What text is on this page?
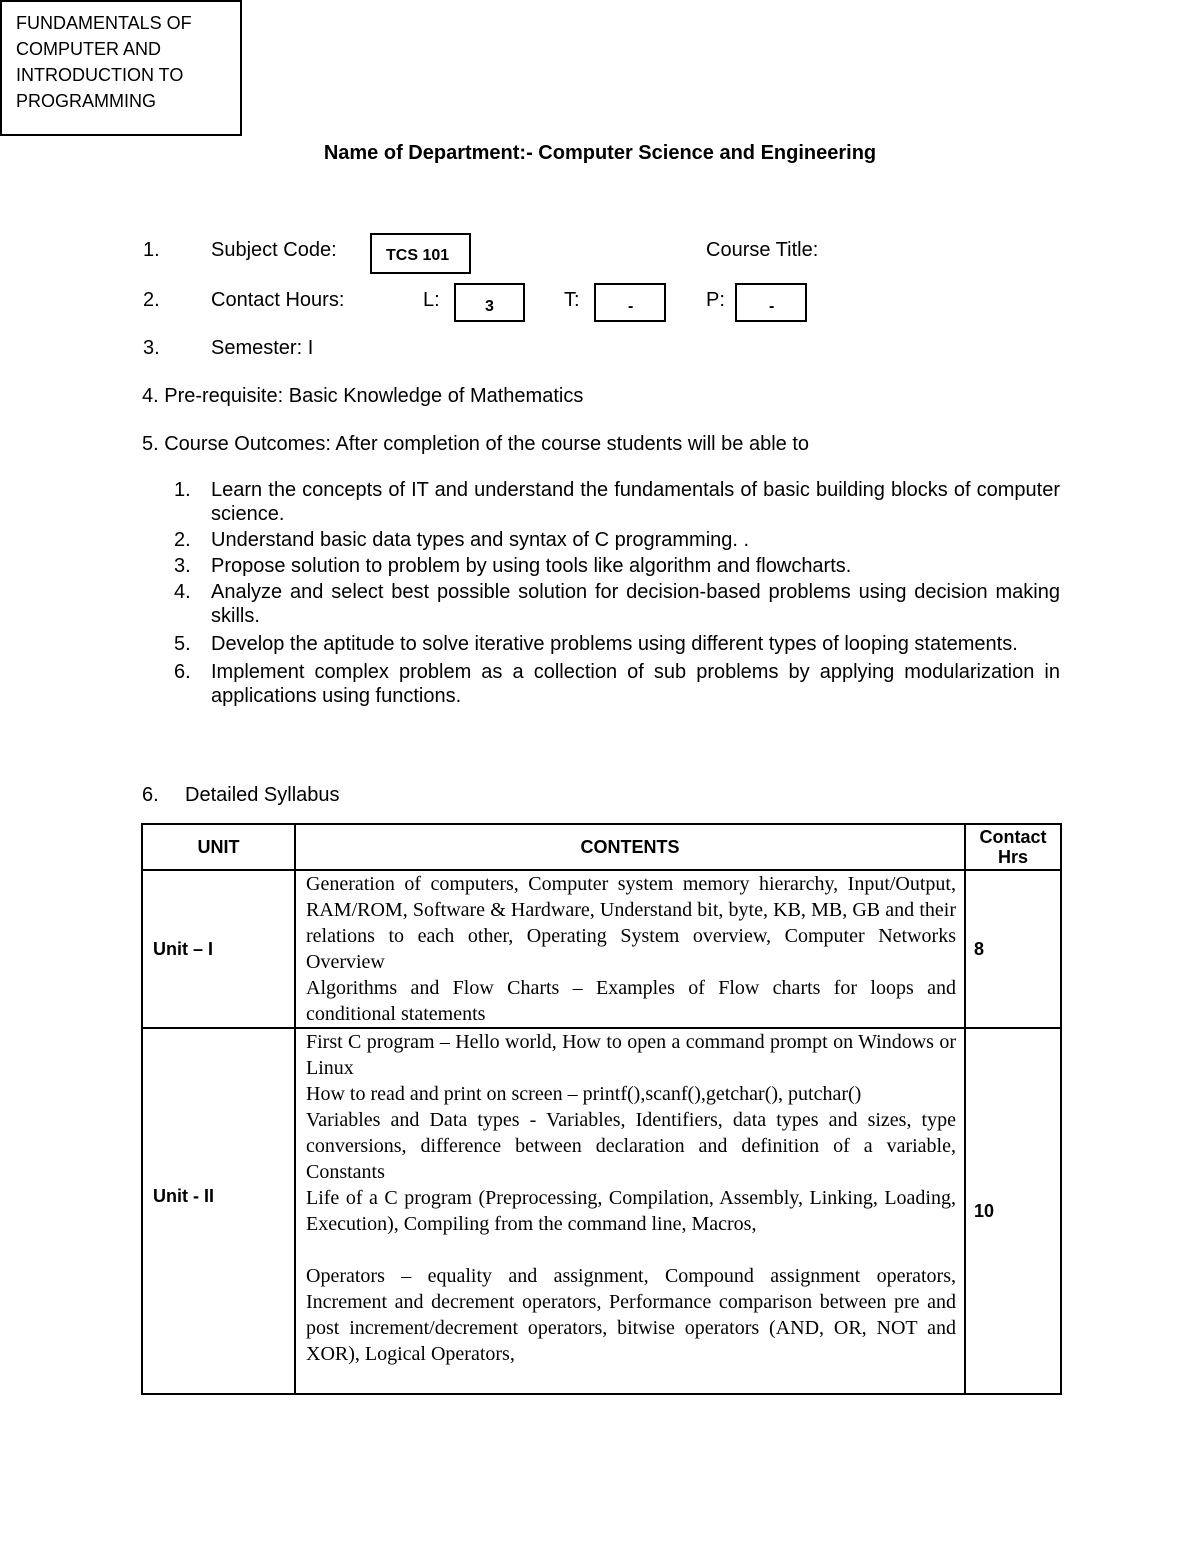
Name of Department:- Computer Science and Engineering
1.	Subject Code:	TCS 101	Course Title:
FUNDAMENTALS OF
COMPUTER AND
INTRODUCTION TO
PROGRAMMING
2.	Contact Hours:	L:	3	T:	-	P:	-
3.	Semester: I
4. Pre-requisite: Basic Knowledge of Mathematics
5. Course Outcomes: After completion of the course students will be able to
1. Learn the concepts of IT and understand the fundamentals of basic building blocks of computer science.
2. Understand basic data types and syntax of C programming. .
3. Propose solution to problem by using tools like algorithm and flowcharts.
4. Analyze and select best possible solution for decision-based problems using decision making skills.
5. Develop the aptitude to solve iterative problems using different types of looping statements.
6. Implement complex problem as a collection of sub problems by applying modularization in applications using functions.
6. Detailed Syllabus
UNIT	CONTENTS	Contact Hrs
Unit – I	Generation of computers, Computer system memory hierarchy, Input/Output, RAM/ROM, Software & Hardware, Understand bit, byte, KB, MB, GB and their relations to each other, Operating System overview, Computer Networks Overview

Algorithms and Flow Charts – Examples of Flow charts for loops and conditional statements	8
Unit - II	First C program – Hello world, How to open a command prompt on Windows or Linux

How to read and print on screen – printf(),scanf(),getchar(), putchar()

Variables and Data types - Variables, Identifiers, data types and sizes, type conversions, difference between declaration and definition of a variable, Constants

Life of a C program (Preprocessing, Compilation, Assembly, Linking, Loading, Execution), Compiling from the command line, Macros,

Operators – equality and assignment, Compound assignment operators, Increment and decrement operators, Performance comparison between pre and post increment/decrement operators, bitwise operators (AND, OR, NOT and XOR), Logical Operators,	10
